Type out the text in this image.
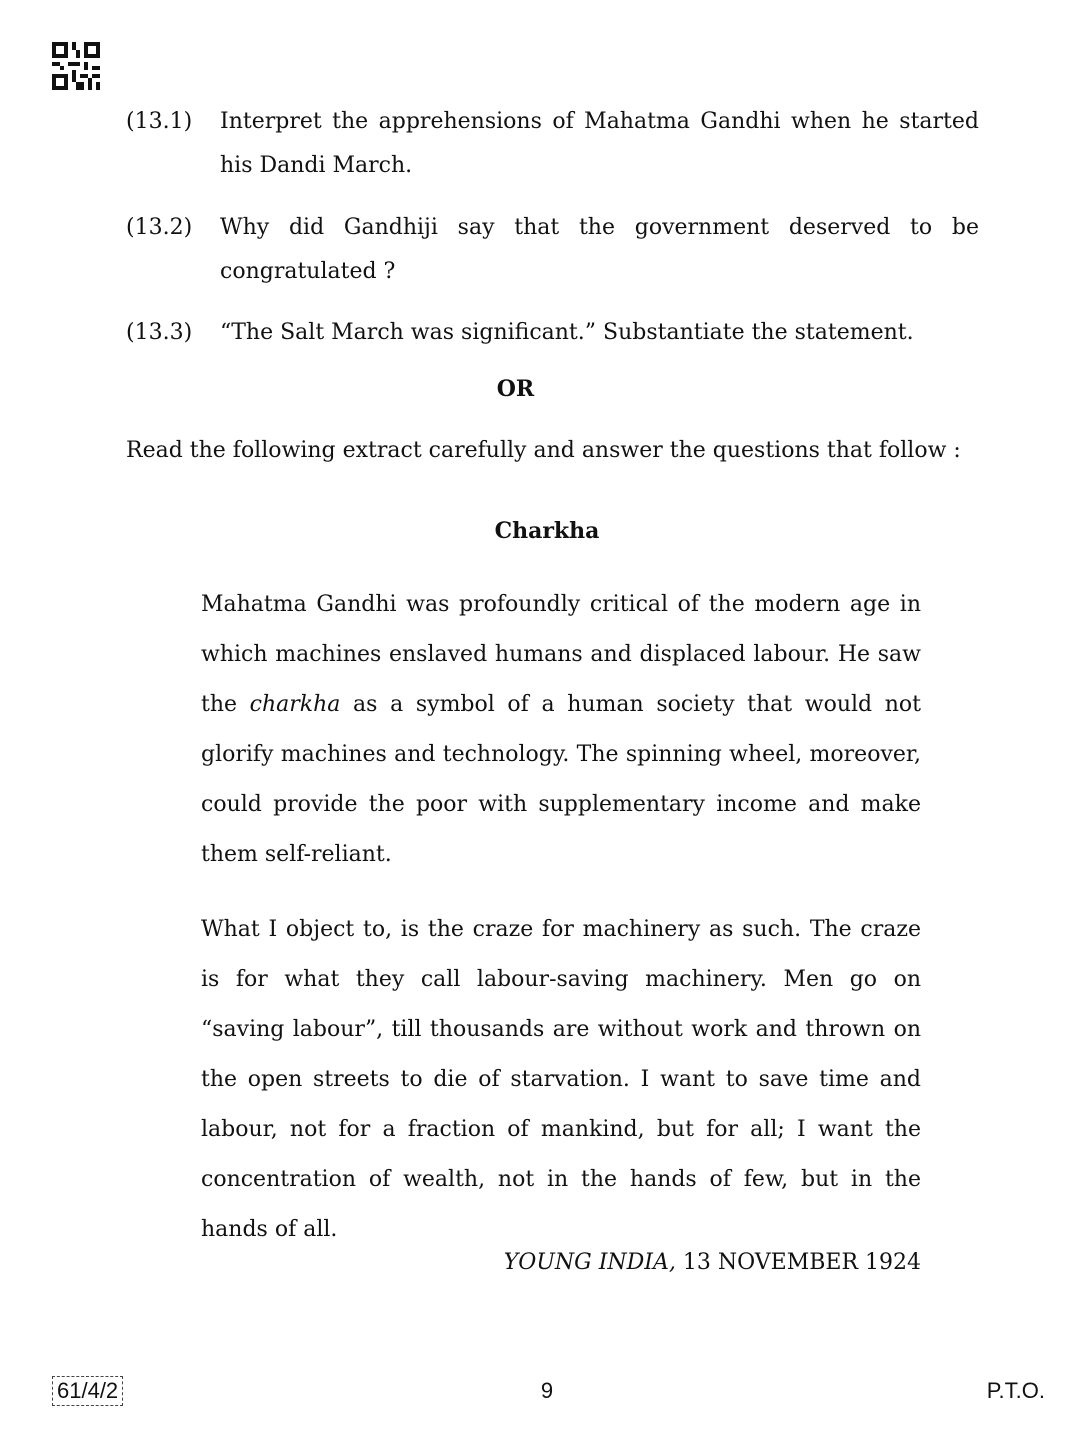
(13.1)	Interpret the apprehensions of Mahatma Gandhi when he started his Dandi March.
(13.2)	Why did Gandhiji say that the government deserved to be congratulated ?
(13.3)	“The Salt March was significant.” Substantiate the statement.
OR
Read the following extract carefully and answer the questions that follow :
Charkha
Mahatma Gandhi was profoundly critical of the modern age in which machines enslaved humans and displaced labour. He saw the charkha as a symbol of a human society that would not glorify machines and technology. The spinning wheel, moreover, could provide the poor with supplementary income and make them self-reliant.
What I object to, is the craze for machinery as such. The craze is for what they call labour-saving machinery. Men go on “saving labour”, till thousands are without work and thrown on the open streets to die of starvation. I want to save time and labour, not for a fraction of mankind, but for all; I want the concentration of wealth, not in the hands of few, but in the hands of all.
YOUNG INDIA, 13 NOVEMBER 1924
61/4/2	9	P.T.O.
